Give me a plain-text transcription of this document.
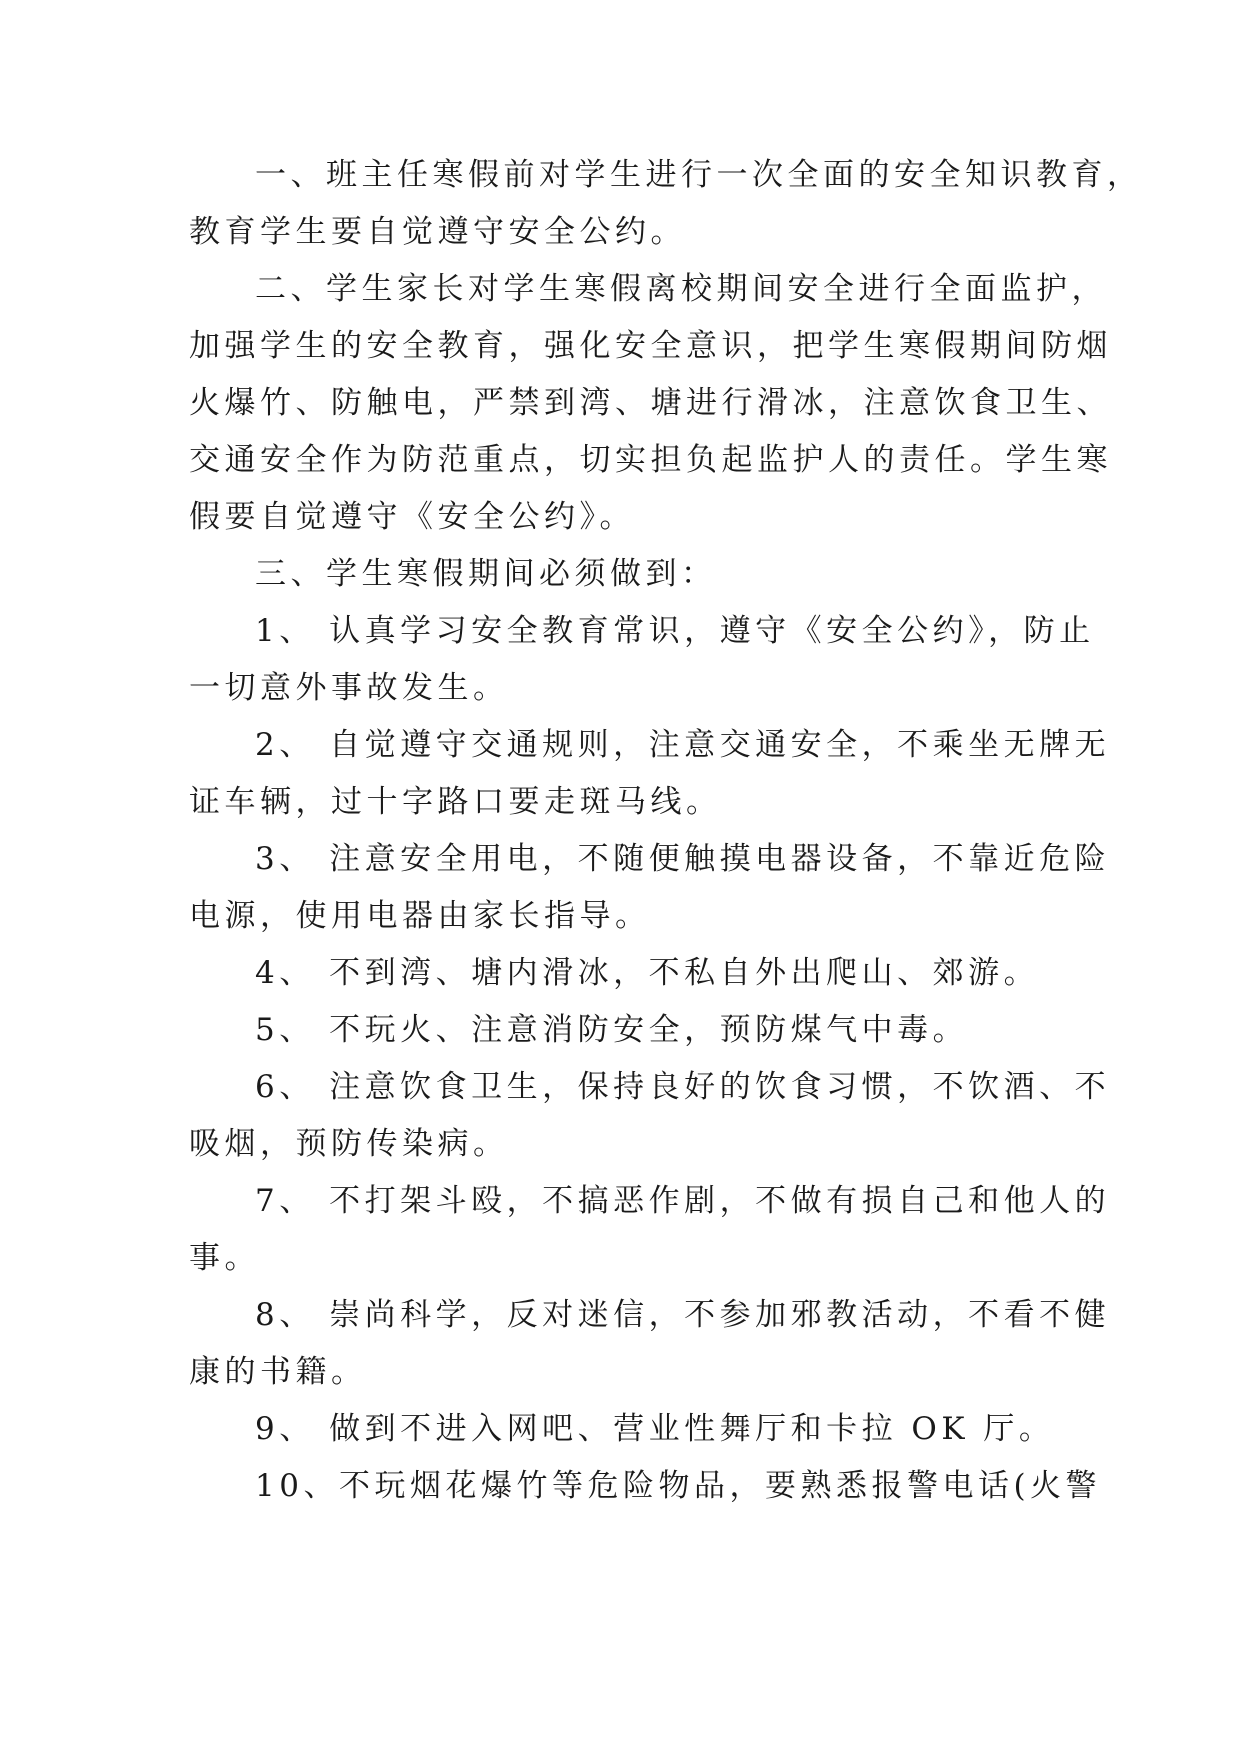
一、班主任寒假前对学生进行一次全面的安全知识教育，
教育学生要自觉遵守安全公约。
二、学生家长对学生寒假离校期间安全进行全面监护，
加强学生的安全教育，强化安全意识，把学生寒假期间防烟
火爆竹、防触电，严禁到湾、塘进行滑冰，注意饮食卫生、
交通安全作为防范重点，切实担负起监护人的责任。学生寒
假要自觉遵守《安全公约》。
三、学生寒假期间必须做到：
1、 认真学习安全教育常识，遵守《安全公约》，防止
一切意外事故发生。
2、 自觉遵守交通规则，注意交通安全，不乘坐无牌无
证车辆，过十字路口要走斑马线。
3、 注意安全用电，不随便触摸电器设备，不靠近危险
电源，使用电器由家长指导。
4、 不到湾、塘内滑冰，不私自外出爬山、郊游。
5、 不玩火、注意消防安全，预防煤气中毒。
6、 注意饮食卫生，保持良好的饮食习惯，不饮酒、不
吸烟，预防传染病。
7、 不打架斗殴，不搞恶作剧，不做有损自己和他人的
事。
8、 崇尚科学，反对迷信，不参加邪教活动，不看不健
康的书籍。
9、 做到不进入网吧、营业性舞厅和卡拉 OK 厅。
10、不玩烟花爆竹等危险物品，要熟悉报警电话(火警
